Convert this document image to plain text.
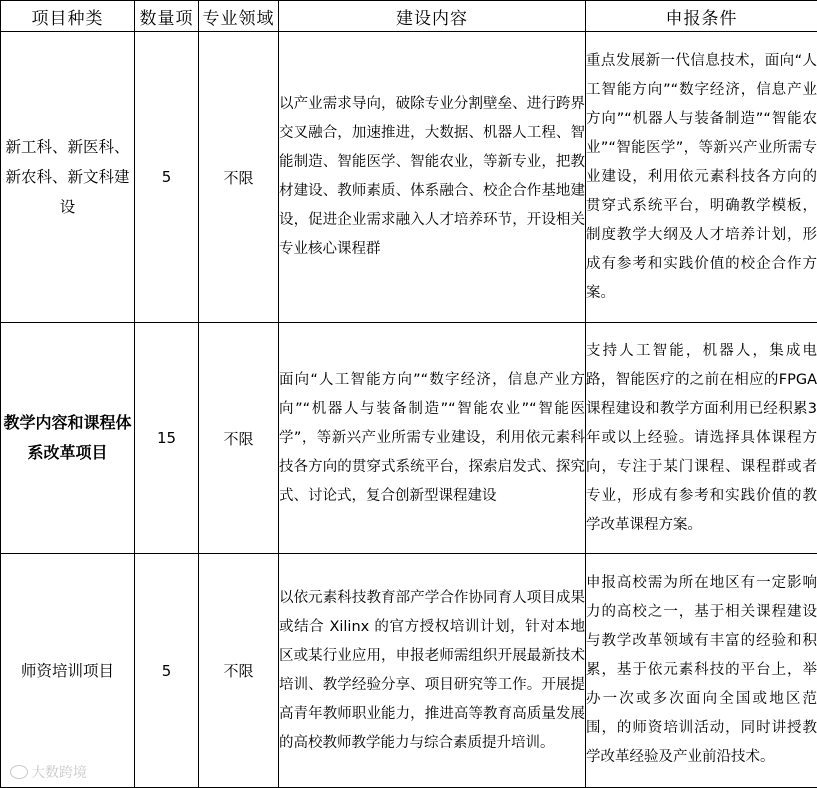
项目种类	数量项	专业领域	建设内容	申报条件
新工科、新医科、新农科、新文科建设	5	不限	以产业需求导向，破除专业分割壁垒、进行跨界交叉融合，加速推进，大数据、机器人工程、智能制造、智能医学、智能农业，等新专业，把教材建设、教师素质、体系融合、校企合作基地建设，促进企业需求融入人才培养环节，开设相关专业核心课程群	重点发展新一代信息技术，面向“人工智能方向”“数字经济，信息产业方向”“机器人与装备制造”“智能农业”“智能医学”，等新兴产业所需专业建设，利用依元素科技各方向的贯穿式系统平台，明确教学模板，制度教学大纲及人才培养计划，形成有参考和实践价值的校企合作方案。
教学内容和课程体系改革项目	15	不限	面向“人工智能方向”“数字经济，信息产业方向”“机器人与装备制造”“智能农业”“智能医学”，等新兴产业所需专业建设，利用依元素科技各方向的贯穿式系统平台，探索启发式、探究式、讨论式，复合创新型课程建设	支持人工智能，机器人，集成电路，智能医疗的之前在相应的FPGA课程建设和教学方面利用已经积累3年或以上经验。请选择具体课程方向，专注于某门课程、课程群或者专业，形成有参考和实践价值的教学改革课程方案。
师资培训项目	5	不限	以依元素科技教育部产学合作协同育人项目成果或结合 Xilinx 的官方授权培训计划，针对本地区或某行业应用，申报老师需组织开展最新技术培训、教学经验分享、项目研究等工作。开展提高青年教师职业能力，推进高等教育高质量发展的高校教师教学能力与综合素质提升培训。	申报高校需为所在地区有一定影响力的高校之一，基于相关课程建设与教学改革领域有丰富的经验和积累，基于依元素科技的平台上，举办一次或多次面向全国或地区范围，的师资培训活动，同时讲授教学改革经验及产业前沿技术。
大数跨境
